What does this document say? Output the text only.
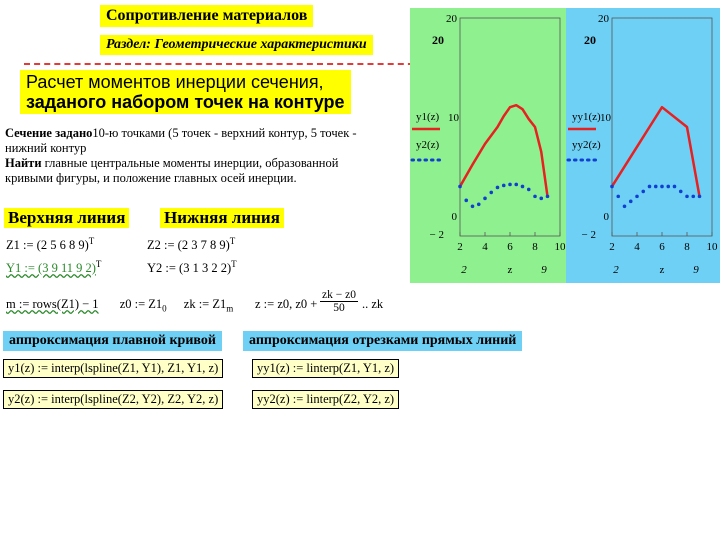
Сопротивление материалов
Раздел: Геометрические характеристики
Расчет моментов инерции сечения,
заданого набором точек на контуре
Сечение задано10-ю точками (5 точек - верхний контур, 5 точек -
нижний контур
Найти главные центральные моменты инерции, образованной
кривыми фигуры, и положение главных осей инерции.
Верхняя линия Нижняя линия
Z1 := (2 5 6 8 9)$^T$
Y1 := (3 9 11 9 2)$^T$
Z2 := (2 3 7 8 9)$^T$
Y2 := (3 1 3 2 2)$^T$
m := rows(Z1) − 1 z0 := $Z1_0$ zk := $Z1_m$ z := z0, $z0 + \frac{zk - z0}{50}$ .. zk
аппроксимация плавной кривой	аппроксимация отрезками прямых линий
y1(z) := interp(lspline(Z1, Y1), Z1, Y1, z)
y2(z) := interp(lspline(Z2, Y2), Z2, Y2, z)
yy1(z) := linterp(Z1, Y1, z)
yy2(z) := linterp(Z2, Y2, z)
2 4 6 8 10
20
20
10
0
− 2
y1(z)
y2(z)
2	z	9
2 4 6 8 10
20
20
10
0
− 2
yy1(z)
yy2(z)
2	z	9
